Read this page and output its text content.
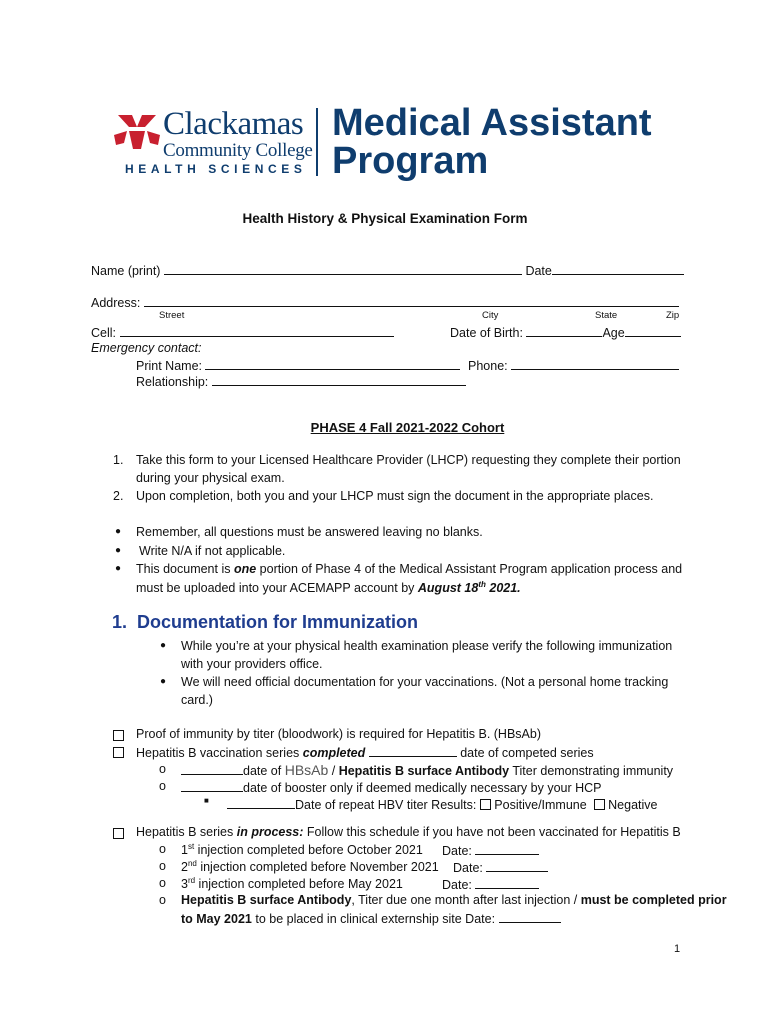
Clackamas
Community College
HEALTH SCIENCES
Medical Assistant
Program
Health History & Physical Examination Form
Name (print)	Date
Address:
Street	City	State	Zip
Cell:	Date of Birth:	Age
Emergency contact:
Print Name:	Phone:
Relationship:
PHASE 4 Fall 2021-2022 Cohort
1. Take this form to your Licensed Healthcare Provider (LHCP) requesting they complete their portion
during your physical exam.
2. Upon completion, both you and your LHCP must sign the document in the appropriate places.
● Remember, all questions must be answered leaving no blanks.
● Write N/A if not applicable.
● This document is one portion of Phase 4 of the Medical Assistant Program application process and
must be uploaded into your ACEMAPP account by August 18th 2021.
1. Documentation for Immunization
● While you’re at your physical health examination please verify the following immunization
with your providers office.
● We will need official documentation for your vaccinations. (Not a personal home tracking
card.)
Proof of immunity by titer (bloodwork) is required for Hepatitis B. (HBsAb)
Hepatitis B vaccination series completed	date of competed series
o	date of HBsAb / Hepatitis B surface Antibody Titer demonstrating immunity
o	date of booster only if deemed medically necessary by your HCP
■	Date of repeat HBV titer Results:  Positive/Immune Negative
Hepatitis B series in process: Follow this schedule if you have not been vaccinated for Hepatitis B
o 1st injection completed before October 2021 Date:
o 2nd injection completed before November 2021 Date:
o 3rd injection completed before May 2021	Date:
o Hepatitis B surface Antibody, Titer due one month after last injection / must be completed prior
to May 2021 to be placed in clinical externship site Date:
1
